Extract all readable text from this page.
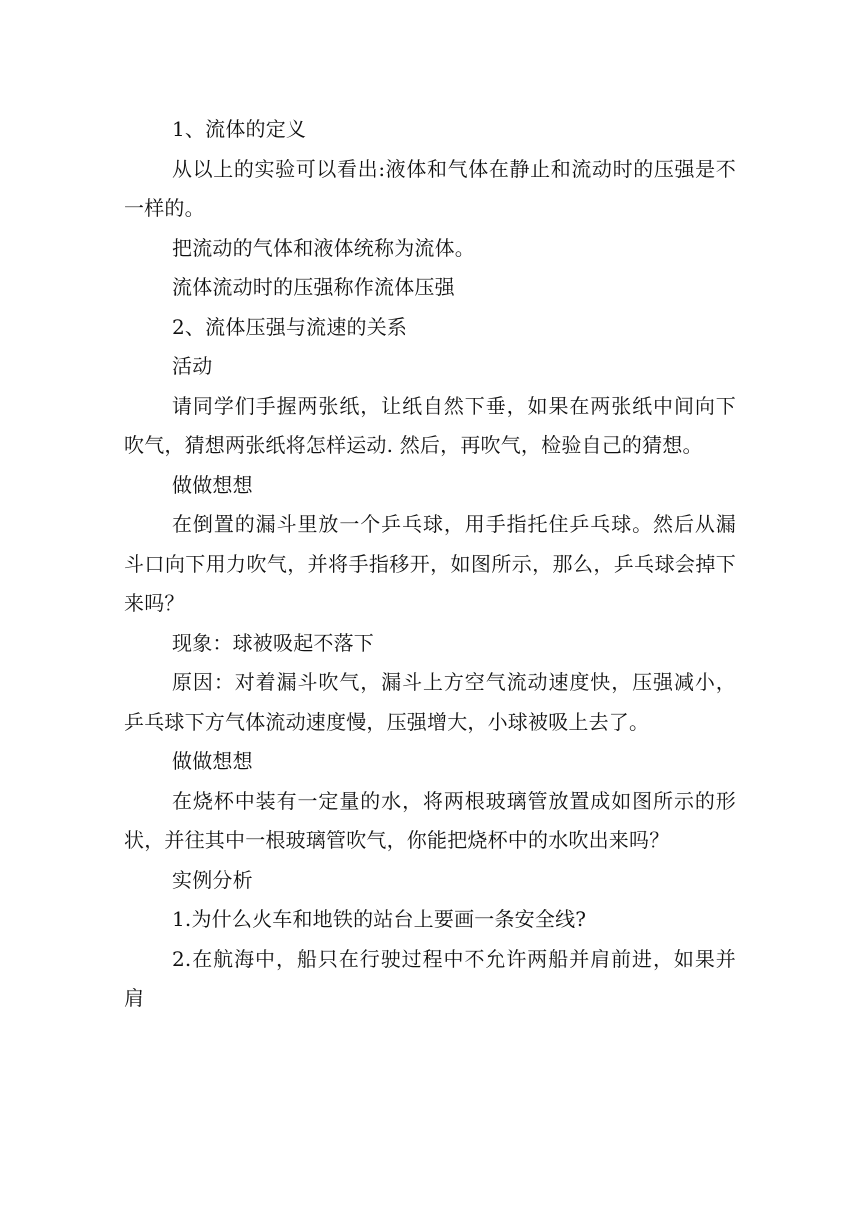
1、流体的定义

从以上的实验可以看出:液体和气体在静止和流动时的压强是不一样的。

把流动的气体和液体统称为流体。

流体流动时的压强称作流体压强

2、流体压强与流速的关系

活动

请同学们手握两张纸，让纸自然下垂，如果在两张纸中间向下吹气，猜想两张纸将怎样运动. 然后，再吹气，检验自己的猜想。

做做想想

在倒置的漏斗里放一个乒乓球，用手指托住乒乓球。然后从漏斗口向下用力吹气，并将手指移开，如图所示，那么，乒乓球会掉下来吗？

现象：球被吸起不落下

原因：对着漏斗吹气，漏斗上方空气流动速度快，压强减小，乒乓球下方气体流动速度慢，压强增大，小球被吸上去了。

做做想想

在烧杯中装有一定量的水，将两根玻璃管放置成如图所示的形状，并往其中一根玻璃管吹气，你能把烧杯中的水吹出来吗？

实例分析

1.为什么火车和地铁的站台上要画一条安全线?

2.在航海中，船只在行驶过程中不允许两船并肩前进，如果并肩
